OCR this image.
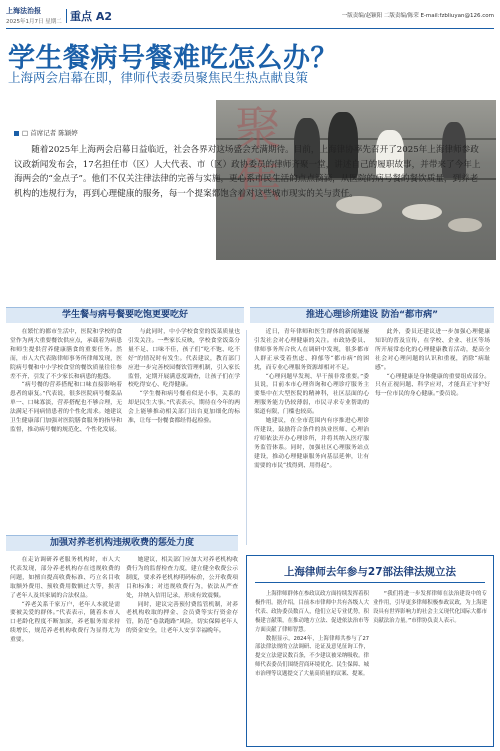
上海法治报
2025年1月7日 星期二 重点 A2	一版责编/赵颖阳 二版责编/陈荣 E-mail:fzbliuyan@126.com
学生餐病号餐难吃怎么办？
上海两会启幕在即，律师代表委员聚焦民生热点献良策
聚焦
□ 首席记者 陈颖婷

随着2025年上海两会启幕日益临近，社会各界对这场盛会充满期待。目前，上海律协率先召开了2025年上海律师参政议政新闻发布会，17名担任市（区）人大代表、市（区）政协委员的律师齐聚一堂，讲述自己的履职故事，并带来了今年上海两会的“金点子”。他们不仅关注律法律的完善与实施，更心系市民生活的点点滴滴，从医院的病号餐的餐饮质量，到养老机构的违规行为，再到心理健康的服务，每一个提案都饱含着对这些城市现实的关与责任。

学生餐与病号餐要吃饱更要吃好

在繁忙的都市生活中，医院和学校的食堂作为两大重要餐饮供应点，承载着为病患和师生提供营养健康膳食的重要任务。然而，市人大代表陈律师事务所律师发现，医院病号餐和中小学校食堂的餐饮质量往往参差不齐，引发了不少家长和病患的抱怨。

“病号餐的营养搭配和口味直接影响着患者的康复。”代表说，很多医院病号餐菜品单一、口味寡淡，营养搭配也不够合理，无法满足不同病情患者的个性化需求。她建议卫生健康部门加强对医院膳食服务的指导和监督，推动病号餐的规范化、个性化发展。

与此同时，中小学校食堂的饭菜质量也引发关注。一些家长反映，学校食堂饭菜分量不足、口味不佳，孩子们“吃不饱、吃不好”的情况时有发生。代表建议，教育部门应进一步完善校园餐饮管理机制，引入家长监督，定期开展满意度调查，让孩子们在学校吃得安心、吃得健康。

“学生餐和病号餐看似是小事，关系的却是民生大事。”代表表示，期待在今年的两会上能够推动相关部门出台更加细化的标准，让每一份餐食都经得起检验。

推进心理诊所建设 防治“都市病”

近日，青年律师和医生群体的新闻屡屡引发社会对心理健康的关注。市政协委员、律师事务所合伙人在调研中发现，很多都市人群正承受着焦虑、抑郁等“都市病”的困扰，而专业心理服务资源却相对不足。

“心理问题早发现、早干预非常重要。”委员说，目前本市心理咨询和心理诊疗服务主要集中在大型医院的精神科，社区层面的心理服务能力仍较薄弱，市民寻求专业帮助的渠道有限，门槛也较高。

她建议，在全市范围内有序推进心理诊所建设，鼓励符合条件的执业医师、心理治疗师依法开办心理诊所，并将其纳入医疗服务监管体系。同时，加强社区心理服务站点建设，推动心理健康服务向基层延伸，让有需要的市民“找得到、用得起”。

此外，委员还建议进一步加强心理健康知识的普及宣传，在学校、企业、社区等场所开展常态化的心理健康教育活动，提高全社会对心理问题的认识和重视，消除“病耻感”。

“心理健康是身体健康的重要组成部分。只有正视问题、科学应对，才能真正守护好每一位市民的身心健康。”委员说。

加强对养老机构违规收费的惩处力度

在走访调研养老服务机构时，市人大代表发现，部分养老机构存在违规收费的问题，如擅自提高收费标准、巧立名目收取额外费用、预收费用数额过大等，损害了老年人及其家属的合法权益。

“养老关系千家万户，老年人本就是需要被关爱的群体。”代表表示，随着本市人口老龄化程度不断加深，养老服务需求持续增长，规范养老机构收费行为显得尤为重要。

她建议，相关部门应加大对养老机构收费行为的监督检查力度，建立健全收费公示制度，要求养老机构明码标价，公开收费项目和标准；对违规收费行为，依法从严查处，并纳入信用记录，形成有效震慑。

同时，建议完善预付费监管机制，对养老机构收取的押金、会员费等实行资金存管，防范“卷款跑路”风险，切实保障老年人的资金安全，让老年人安享幸福晚年。

上海律师去年参与27部法律法规立法

上海律师群体在参政议政方面持续发挥着积极作用。据介绍，目前本市律师中共有各级人大代表、政协委员数百人，他们立足专业优势，积极建言献策，在推动地方立法、促进依法治市等方面贡献了律师智慧。

数据显示，2024年，上海律师共参与了27部法律法规的立法调研、论证及意见征询工作，提交立法建议数百条，不少建议被采纳吸收。律师代表委员们围绕营商环境优化、民生保障、城市治理等议题提交了大量高质量的议案、提案。

“我们将进一步发挥律师在法治建设中的专业作用，引导更多律师积极参政议政，为上海建设具有世界影响力的社会主义现代化国际大都市贡献法治力量。”市律协负责人表示。
